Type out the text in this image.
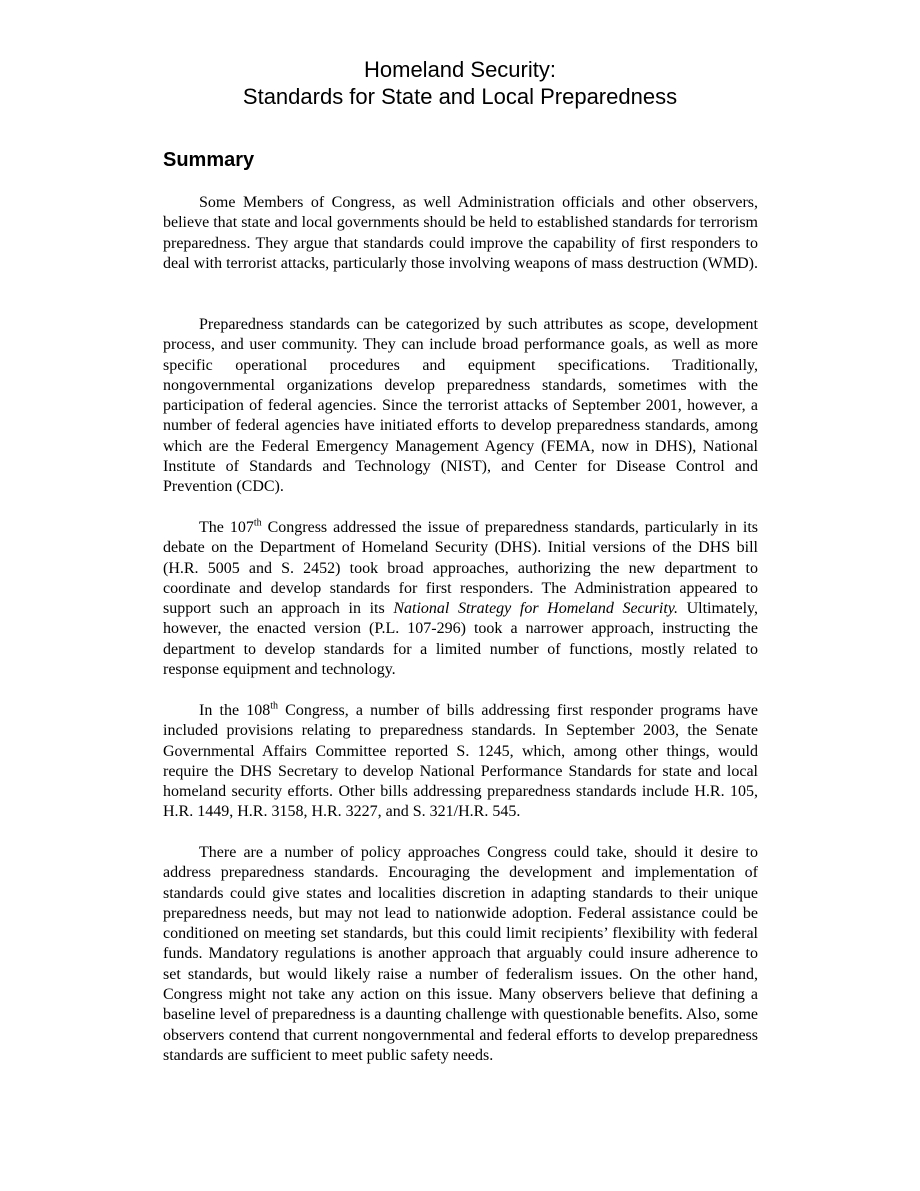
Homeland Security:
Standards for State and Local Preparedness
Summary

Some Members of Congress, as well Administration officials and other observers, believe that state and local governments should be held to established standards for terrorism preparedness. They argue that standards could improve the capability of first responders to deal with terrorist attacks, particularly those involving weapons of mass destruction (WMD).

Preparedness standards can be categorized by such attributes as scope, development process, and user community. They can include broad performance goals, as well as more specific operational procedures and equipment specifications. Traditionally, nongovernmental organizations develop preparedness standards, sometimes with the participation of federal agencies. Since the terrorist attacks of September 2001, however, a number of federal agencies have initiated efforts to develop preparedness standards, among which are the Federal Emergency Management Agency (FEMA, now in DHS), National Institute of Standards and Technology (NIST), and Center for Disease Control and Prevention (CDC).

The 107th Congress addressed the issue of preparedness standards, particularly in its debate on the Department of Homeland Security (DHS). Initial versions of the DHS bill (H.R. 5005 and S. 2452) took broad approaches, authorizing the new department to coordinate and develop standards for first responders. The Administration appeared to support such an approach in its National Strategy for Homeland Security. Ultimately, however, the enacted version (P.L. 107-296) took a narrower approach, instructing the department to develop standards for a limited number of functions, mostly related to response equipment and technology.

In the 108th Congress, a number of bills addressing first responder programs have included provisions relating to preparedness standards. In September 2003, the Senate Governmental Affairs Committee reported S. 1245, which, among other things, would require the DHS Secretary to develop National Performance Standards for state and local homeland security efforts. Other bills addressing preparedness standards include H.R. 105, H.R. 1449, H.R. 3158, H.R. 3227, and S. 321/H.R. 545.

There are a number of policy approaches Congress could take, should it desire to address preparedness standards. Encouraging the development and implementation of standards could give states and localities discretion in adapting standards to their unique preparedness needs, but may not lead to nationwide adoption. Federal assistance could be conditioned on meeting set standards, but this could limit recipients’ flexibility with federal funds. Mandatory regulations is another approach that arguably could insure adherence to set standards, but would likely raise a number of federalism issues. On the other hand, Congress might not take any action on this issue. Many observers believe that defining a baseline level of preparedness is a daunting challenge with questionable benefits. Also, some observers contend that current nongovernmental and federal efforts to develop preparedness standards are sufficient to meet public safety needs.
